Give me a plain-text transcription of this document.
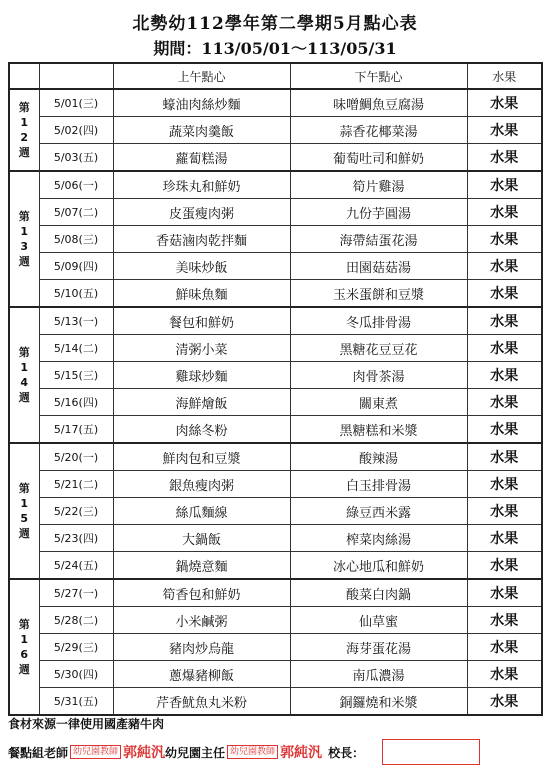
北勢幼112學年第二學期5月點心表
期間：113/05/01～113/05/31
		上午點心	下午點心	水果

第
1
2
週	5/01(三)	蠔油肉絲炒麵	味噌鯛魚豆腐湯	水果
	5/02(四)	蔬菜肉羹飯	蒜香花椰菜湯	水果
	5/03(五)	蘿蔔糕湯	葡萄吐司和鮮奶	水果

第
1
3
週	5/06(一)	珍珠丸和鮮奶	筍片雞湯	水果
	5/07(二)	皮蛋瘦肉粥	九份芋圓湯	水果
	5/08(三)	香菇滷肉乾拌麵	海帶結蛋花湯	水果
	5/09(四)	美味炒飯	田園菇菇湯	水果
	5/10(五)	鮮味魚麵	玉米蛋餅和豆漿	水果

第
1
4
週	5/13(一)	餐包和鮮奶	冬瓜排骨湯	水果
	5/14(二)	清粥小菜	黑糖花豆豆花	水果
	5/15(三)	雞球炒麵	肉骨茶湯	水果
	5/16(四)	海鮮燴飯	關東煮	水果
	5/17(五)	肉絲冬粉	黑糖糕和米漿	水果

第
1
5
週	5/20(一)	鮮肉包和豆漿	酸辣湯	水果
	5/21(二)	銀魚瘦肉粥	白玉排骨湯	水果
	5/22(三)	絲瓜麵線	綠豆西米露	水果
	5/23(四)	大鍋飯	榨菜肉絲湯	水果
	5/24(五)	鍋燒意麵	冰心地瓜和鮮奶	水果

第
1
6
週	5/27(一)	筍香包和鮮奶	酸菜白肉鍋	水果
	5/28(二)	小米鹹粥	仙草蜜	水果
	5/29(三)	豬肉炒烏龍	海芽蛋花湯	水果
	5/30(四)	蔥爆豬柳飯	南瓜濃湯	水果
	5/31(五)	芹香魷魚丸米粉	銅鑼燒和米漿	水果
食材來源一律使用國產豬牛肉
餐點組老師 幼兒園教師 郭純汎 幼兒園主任 幼兒園教師 郭純汎 校長：
